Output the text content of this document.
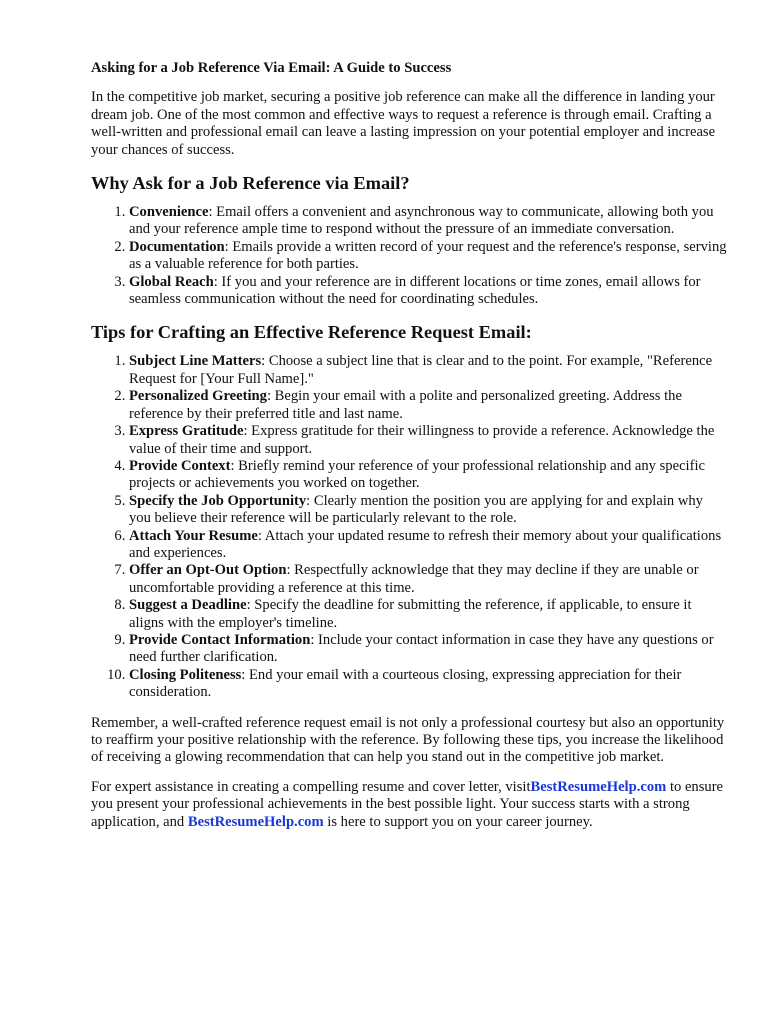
Asking for a Job Reference Via Email: A Guide to Success

In the competitive job market, securing a positive job reference can make all the difference in landing your dream job. One of the most common and effective ways to request a reference is through email. Crafting a well-written and professional email can leave a lasting impression on your potential employer and increase your chances of success.

Why Ask for a Job Reference via Email?
1. Convenience: Email offers a convenient and asynchronous way to communicate, allowing both you and your reference ample time to respond without the pressure of an immediate conversation.
2. Documentation: Emails provide a written record of your request and the reference's response, serving as a valuable reference for both parties.
3. Global Reach: If you and your reference are in different locations or time zones, email allows for seamless communication without the need for coordinating schedules.
Tips for Crafting an Effective Reference Request Email:
1. Subject Line Matters: Choose a subject line that is clear and to the point. For example, "Reference Request for [Your Full Name]."
2. Personalized Greeting: Begin your email with a polite and personalized greeting. Address the reference by their preferred title and last name.
3. Express Gratitude: Express gratitude for their willingness to provide a reference. Acknowledge the value of their time and support.
4. Provide Context: Briefly remind your reference of your professional relationship and any specific projects or achievements you worked on together.
5. Specify the Job Opportunity: Clearly mention the position you are applying for and explain why you believe their reference will be particularly relevant to the role.
6. Attach Your Resume: Attach your updated resume to refresh their memory about your qualifications and experiences.
7. Offer an Opt-Out Option: Respectfully acknowledge that they may decline if they are unable or uncomfortable providing a reference at this time.
8. Suggest a Deadline: Specify the deadline for submitting the reference, if applicable, to ensure it aligns with the employer's timeline.
9. Provide Contact Information: Include your contact information in case they have any questions or need further clarification.
10. Closing Politeness: End your email with a courteous closing, expressing appreciation for their consideration.

Remember, a well-crafted reference request email is not only a professional courtesy but also an opportunity to reaffirm your positive relationship with the reference. By following these tips, you increase the likelihood of receiving a glowing recommendation that can help you stand out in the competitive job market.

For expert assistance in creating a compelling resume and cover letter, visitBestResumeHelp.com to ensure you present your professional achievements in the best possible light. Your success starts with a strong application, and BestResumeHelp.com is here to support you on your career journey.
